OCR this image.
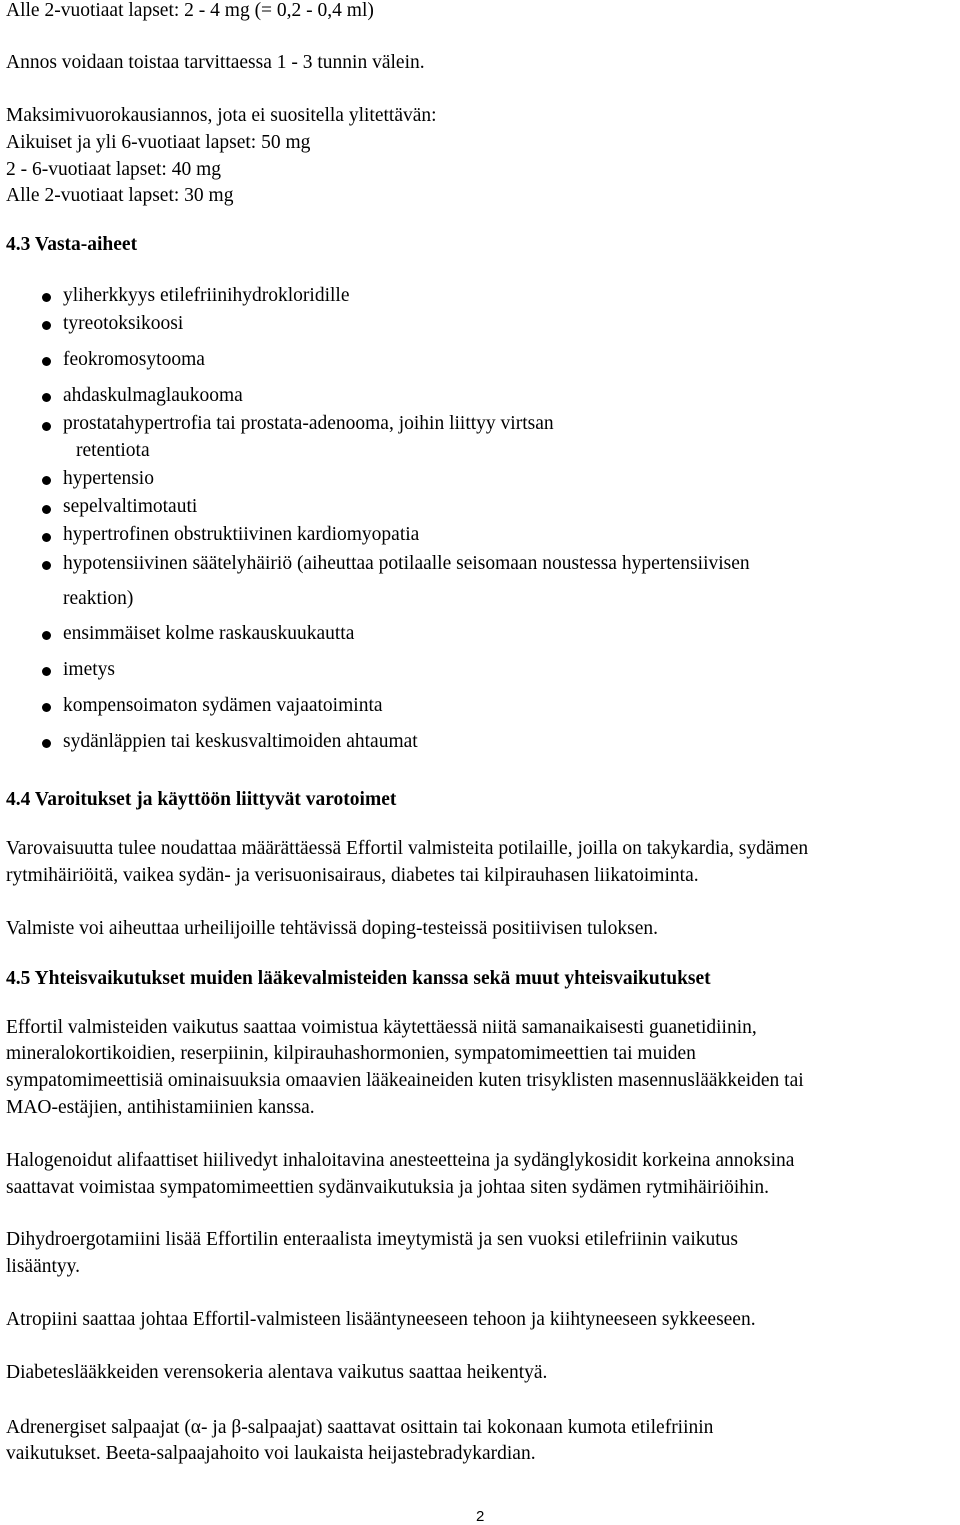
Alle 2-vuotiaat lapset: 2 - 4 mg (= 0,2 - 0,4 ml)
Annos voidaan toistaa tarvittaessa 1 - 3 tunnin välein.
Maksimivuorokausiannos, jota ei suositella ylitettävän:
Aikuiset ja yli 6-vuotiaat lapset: 50 mg
2 - 6-vuotiaat lapset: 40 mg
Alle 2-vuotiaat lapset: 30 mg
4.3 Vasta-aiheet
yliherkkyys etilefriinihydrokloridille
tyreotoksikoosi
feokromosytooma
ahdaskulmaglaukooma
prostatahypertrofia tai prostata-adenooma, joihin liittyy virtsan
retentiota
hypertensio
sepelvaltimotauti
hypertrofinen obstruktiivinen kardiomyopatia
hypotensiivinen säätelyhäiriö (aiheuttaa potilaalle seisomaan noustessa hypertensiivisen
reaktion)
ensimmäiset kolme raskauskuukautta
imetys
kompensoimaton sydämen vajaatoiminta
sydänläppien tai keskusvaltimoiden ahtaumat
4.4 Varoitukset ja käyttöön liittyvät varotoimet
Varovaisuutta tulee noudattaa määrättäessä Effortil valmisteita potilaille, joilla on takykardia, sydämen
rytmihäiriöitä, vaikea sydän- ja verisuonisairaus, diabetes tai kilpirauhasen liikatoiminta.
Valmiste voi aiheuttaa urheilijoille tehtävissä doping-testeissä positiivisen tuloksen.
4.5 Yhteisvaikutukset muiden lääkevalmisteiden kanssa sekä muut yhteisvaikutukset
Effortil valmisteiden vaikutus saattaa voimistua käytettäessä niitä samanaikaisesti guanetidiinin,
mineralokortikoidien, reserpiinin, kilpirauhashormonien, sympatomimeettien tai muiden
sympatomimeettisiä ominaisuuksia omaavien lääkeaineiden kuten trisyklisten masennuslääkkeiden tai
MAO-estäjien, antihistamiinien kanssa.
Halogenoidut alifaattiset hiilivedyt inhaloitavina anesteetteina ja sydänglykosidit korkeina annoksina
saattavat voimistaa sympatomimeettien sydänvaikutuksia ja johtaa siten sydämen rytmihäiriöihin.
Dihydroergotamiini lisää Effortilin enteraalista imeytymistä ja sen vuoksi etilefriinin vaikutus
lisääntyy.
Atropiini saattaa johtaa Effortil-valmisteen lisääntyneeseen tehoon ja kiihtyneeseen sykkeeseen.
Diabeteslääkkeiden verensokeria alentava vaikutus saattaa heikentyä.
Adrenergiset salpaajat (α- ja β-salpaajat) saattavat osittain tai kokonaan kumota etilefriinin
vaikutukset. Beeta-salpaajahoito voi laukaista heijastebradykardian.
2
